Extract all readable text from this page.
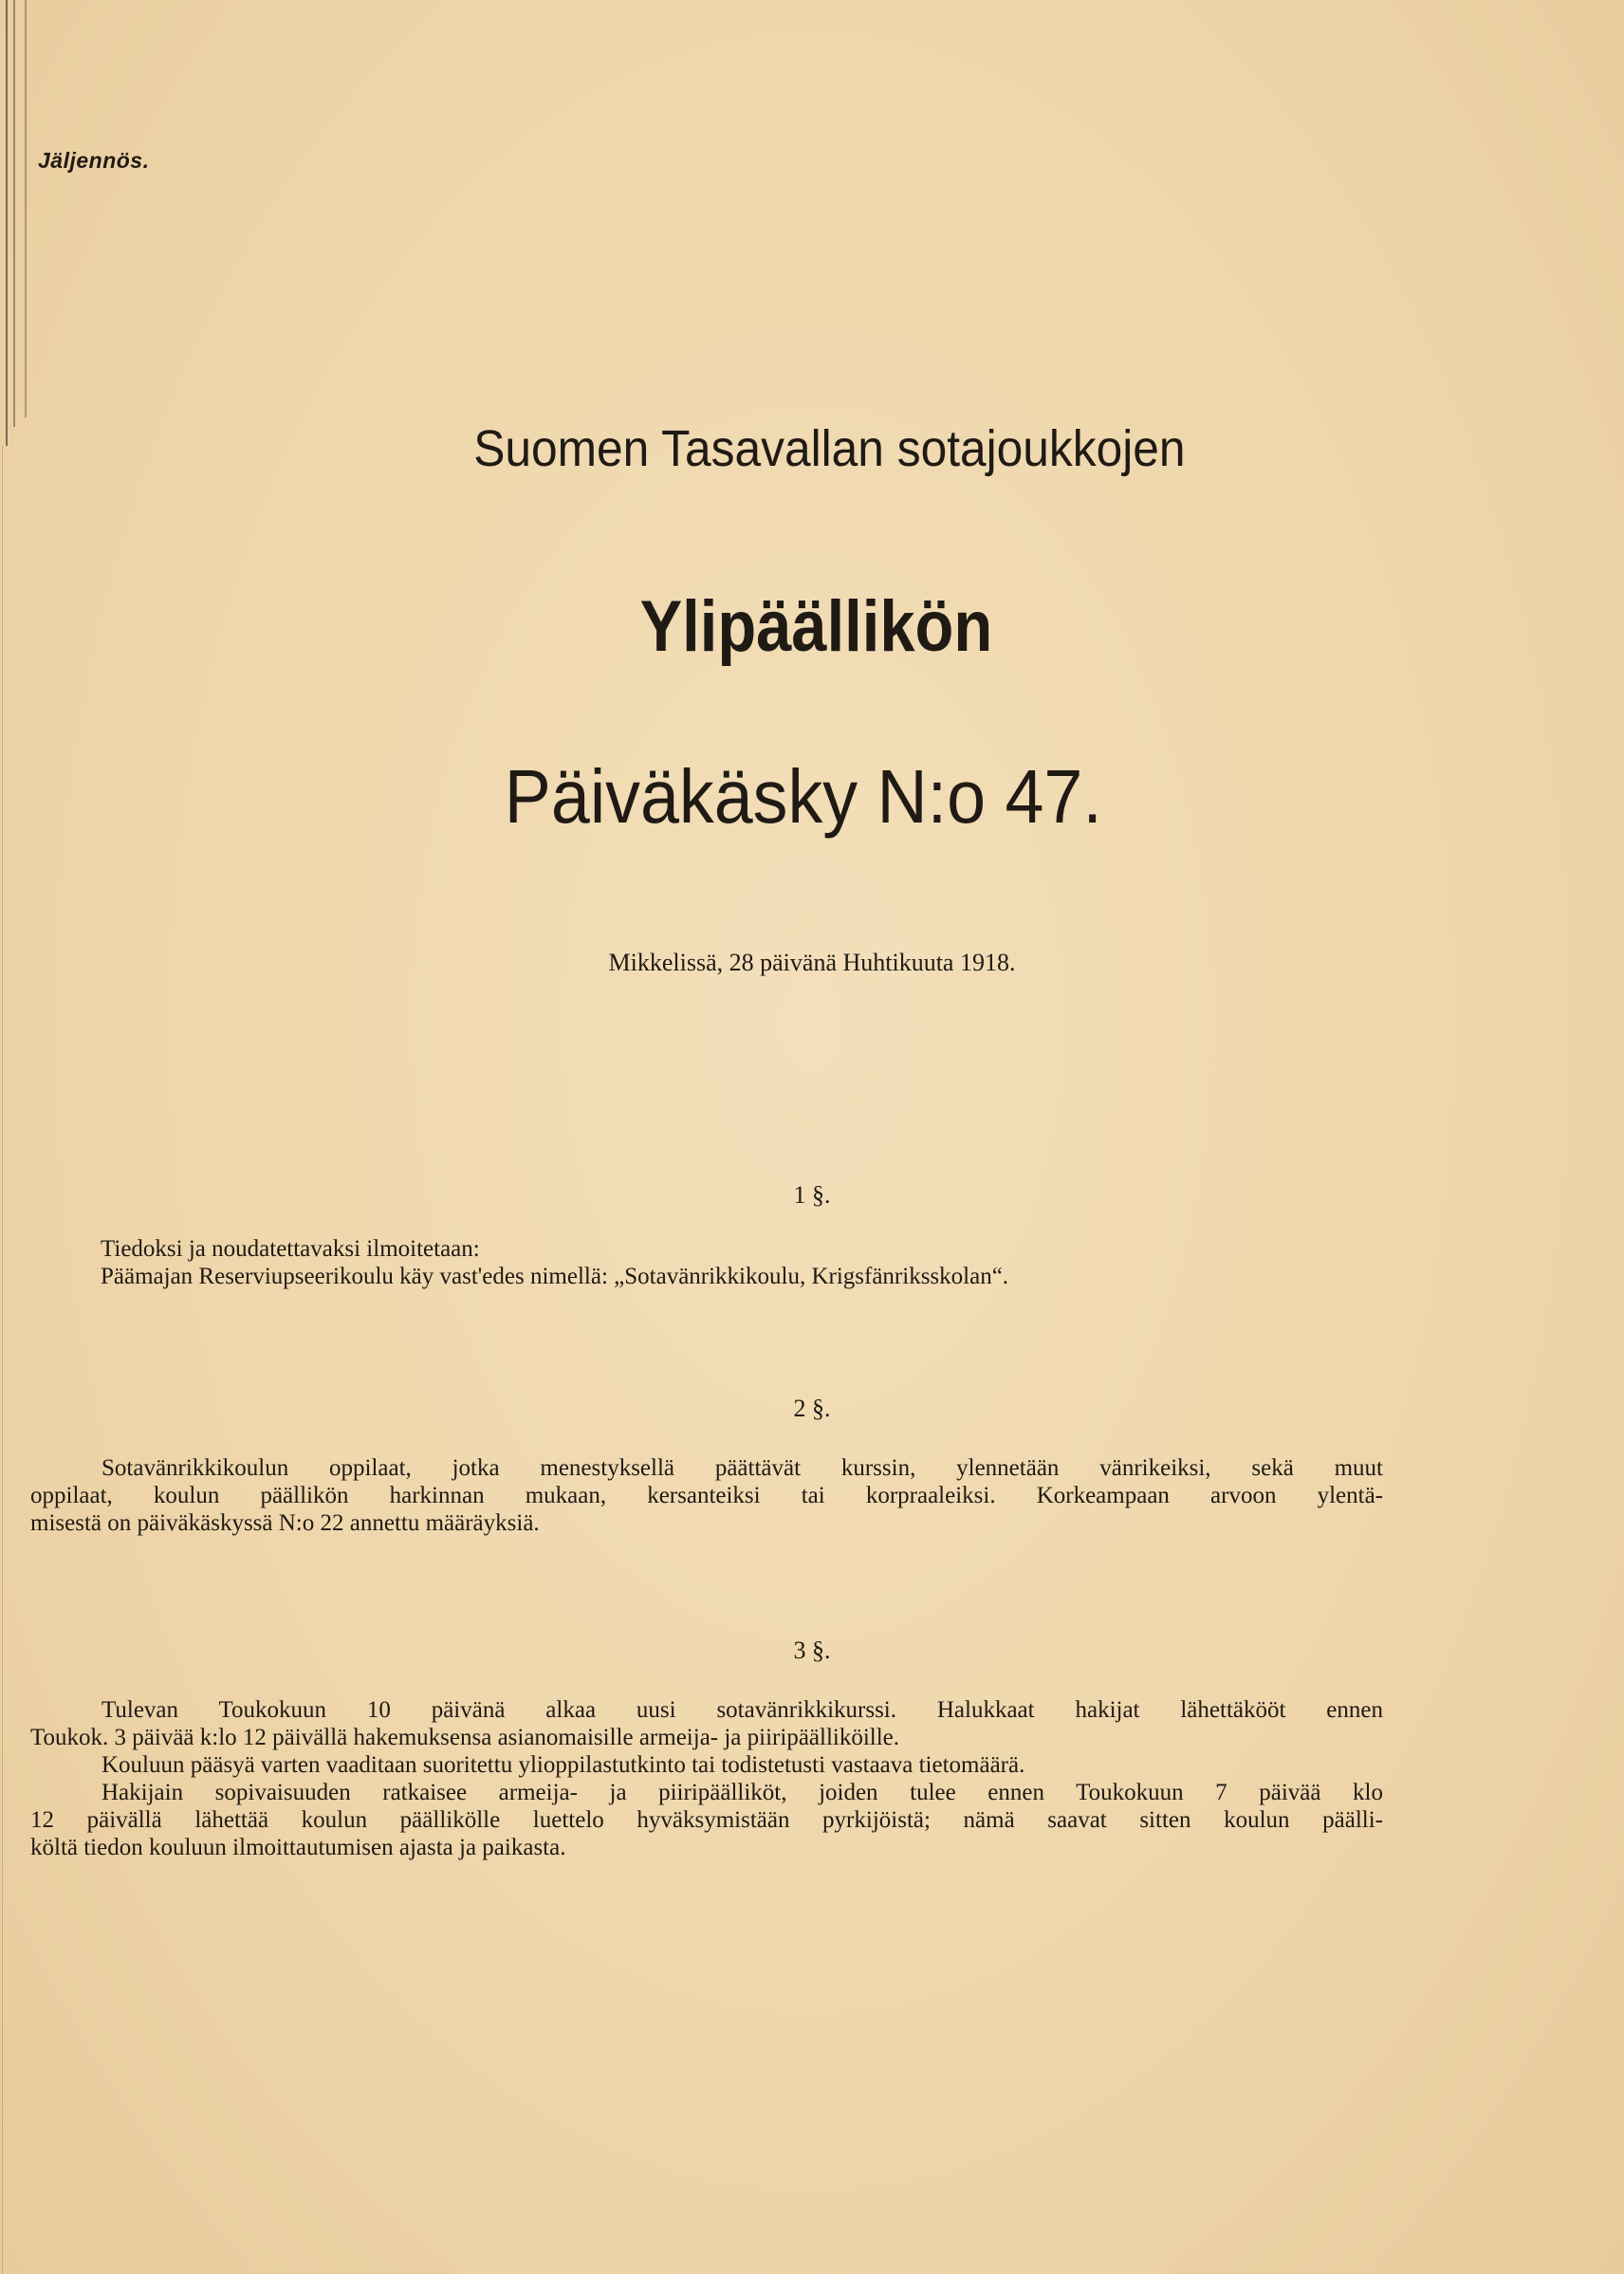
Jäljennös.
Suomen Tasavallan sotajoukkojen
Ylipäällikön
Päiväkäsky N:o 47.
Mikkelissä, 28 päivänä Huhtikuuta 1918.
1 §.
Tiedoksi ja noudatettavaksi ilmoitetaan:
Päämajan Reserviupseerikoulu käy vast'edes nimellä: „Sotavänrikkikoulu, Krigsfänriksskolan“.
2 §.
Sotavänrikkikoulun oppilaat, jotka menestyksellä päättävät kurssin, ylennetään vänrikeiksi, sekä muut
oppilaat, koulun päällikön harkinnan mukaan, kersanteiksi tai korpraaleiksi. Korkeampaan arvoon ylentä-
misestä on päiväkäskyssä N:o 22 annettu määräyksiä.
3 §.
Tulevan Toukokuun 10 päivänä alkaa uusi sotavänrikkikurssi. Halukkaat hakijat lähettäkööt ennen
Toukok. 3 päivää k:lo 12 päivällä hakemuksensa asianomaisille armeija- ja piiripäälliköille.
Kouluun pääsyä varten vaaditaan suoritettu ylioppilastutkinto tai todistetusti vastaava tietomäärä.
Hakijain sopivaisuuden ratkaisee armeija- ja piiripäälliköt, joiden tulee ennen Toukokuun 7 päivää klo
12 päivällä lähettää koulun päällikölle luettelo hyväksymistään pyrkijöistä; nämä saavat sitten koulun päälli-
költä tiedon kouluun ilmoittautumisen ajasta ja paikasta.
